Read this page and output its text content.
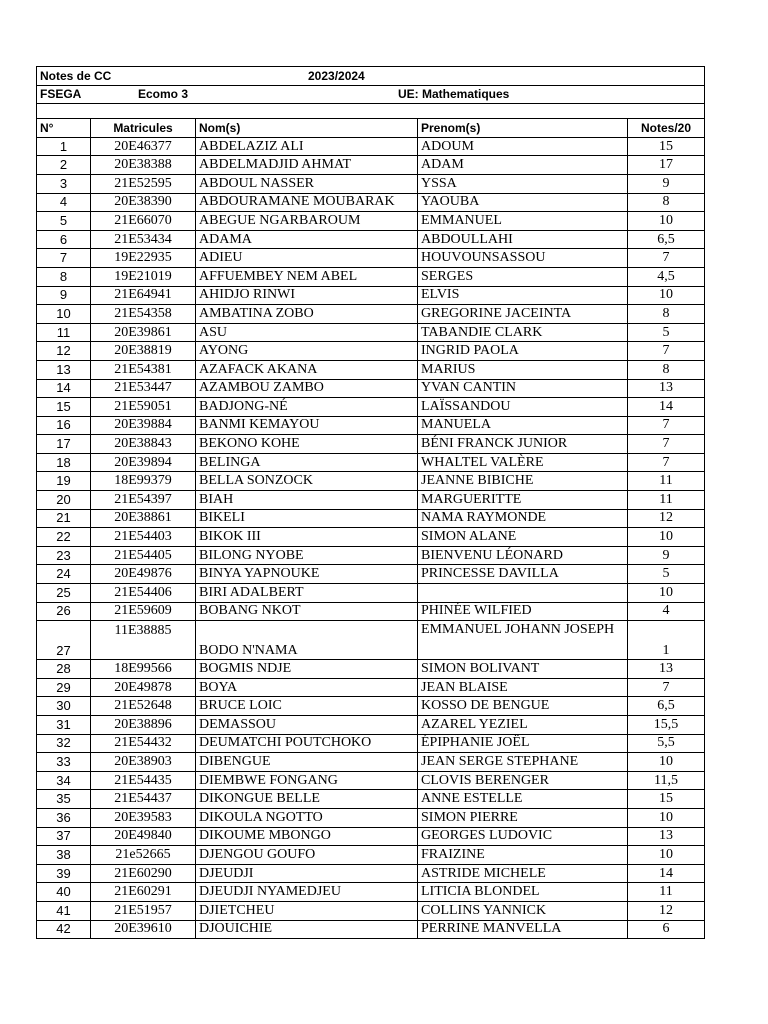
Notes de CC 2023/2024				
FSEGA Ecomo 3 UE: Mathematiques				

N°	Matricules	Nom(s)	Prenom(s)	Notes/20
1	20E46377	ABDELAZIZ ALI	ADOUM	15
2	20E38388	ABDELMADJID AHMAT	ADAM	17
3	21E52595	ABDOUL NASSER	YSSA	9
4	20E38390	ABDOURAMANE MOUBARAK	YAOUBA	8
5	21E66070	ABEGUE NGARBAROUM	EMMANUEL	10
6	21E53434	ADAMA	ABDOULLAHI	6,5
7	19E22935	ADIEU	HOUVOUNSASSOU	7
8	19E21019	AFFUEMBEY NEM ABEL	SERGES	4,5
9	21E64941	AHIDJO RINWI	ELVIS	10
10	21E54358	AMBATINA ZOBO	GREGORINE JACEINTA	8
11	20E39861	ASU	TABANDIE CLARK	5
12	20E38819	AYONG	INGRID PAOLA	7
13	21E54381	AZAFACK AKANA	MARIUS	8
14	21E53447	AZAMBOU ZAMBO	YVAN CANTIN	13
15	21E59051	BADJONG-NÉ	LAÏSSANDOU	14
16	20E39884	BANMI KEMAYOU	MANUELA	7
17	20E38843	BEKONO KOHE	BÉNI FRANCK JUNIOR	7
18	20E39894	BELINGA	WHALTEL VALÈRE	7
19	18E99379	BELLA SONZOCK	JEANNE BIBICHE	11
20	21E54397	BIAH	MARGUERITTE	11
21	20E38861	BIKELI	NAMA RAYMONDE	12
22	21E54403	BIKOK III	SIMON ALANE	10
23	21E54405	BILONG NYOBE	BIENVENU LÉONARD	9
24	20E49876	BINYA YAPNOUKE	PRINCESSE DAVILLA	5
25	21E54406	BIRI ADALBERT		10
26	21E59609	BOBANG NKOT	PHINÉE WILFIED	4
27	11E38885	BODO N'NAMA	EMMANUEL JOHANN JOSEPH	1
28	18E99566	BOGMIS NDJE	SIMON BOLIVANT	13
29	20E49878	BOYA	JEAN BLAISE	7
30	21E52648	BRUCE LOIC	KOSSO DE BENGUE	6,5
31	20E38896	DEMASSOU	AZAREL YEZIEL	15,5
32	21E54432	DEUMATCHI POUTCHOKO	ÉPIPHANIE JOËL	5,5
33	20E38903	DIBENGUE	JEAN SERGE STEPHANE	10
34	21E54435	DIEMBWE FONGANG	CLOVIS BERENGER	11,5
35	21E54437	DIKONGUE BELLE	ANNE ESTELLE	15
36	20E39583	DIKOULA NGOTTO	SIMON PIERRE	10
37	20E49840	DIKOUME MBONGO	GEORGES LUDOVIC	13
38	21e52665	DJENGOU GOUFO	FRAIZINE	10
39	21E60290	DJEUDJI	ASTRIDE MICHELE	14
40	21E60291	DJEUDJI NYAMEDJEU	LITICIA BLONDEL	11
41	21E51957	DJIETCHEU	COLLINS YANNICK	12
42	20E39610	DJOUICHIE	PERRINE MANVELLA	6
